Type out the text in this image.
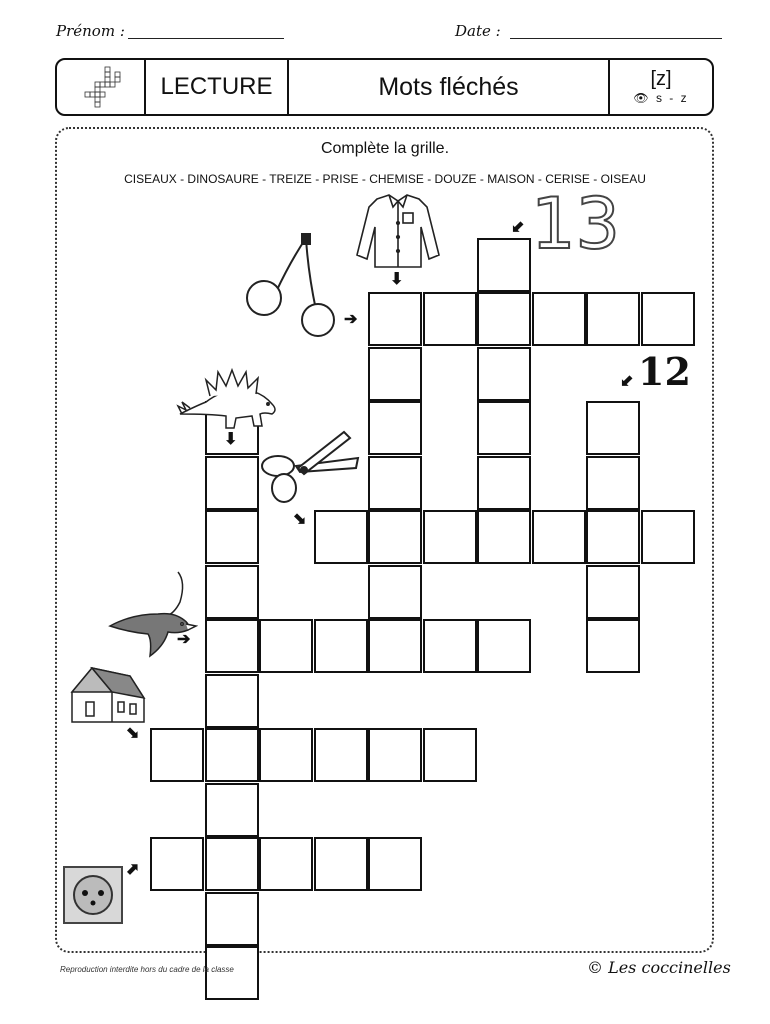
Prénom :	Date :
LECTURE	Mots fléchés	[z]
👁 s - z
Complète la grille.
CISEAUX - DINOSAURE - TREIZE - PRISE - CHEMISE - DOUZE - MAISON - CERISE - OISEAU
➔
⬇
⬇
⬊
➔
⬊
⬈
⬋
⬋
13
12
Reproduction interdite hors du cadre de la classe	© Les coccinelles
